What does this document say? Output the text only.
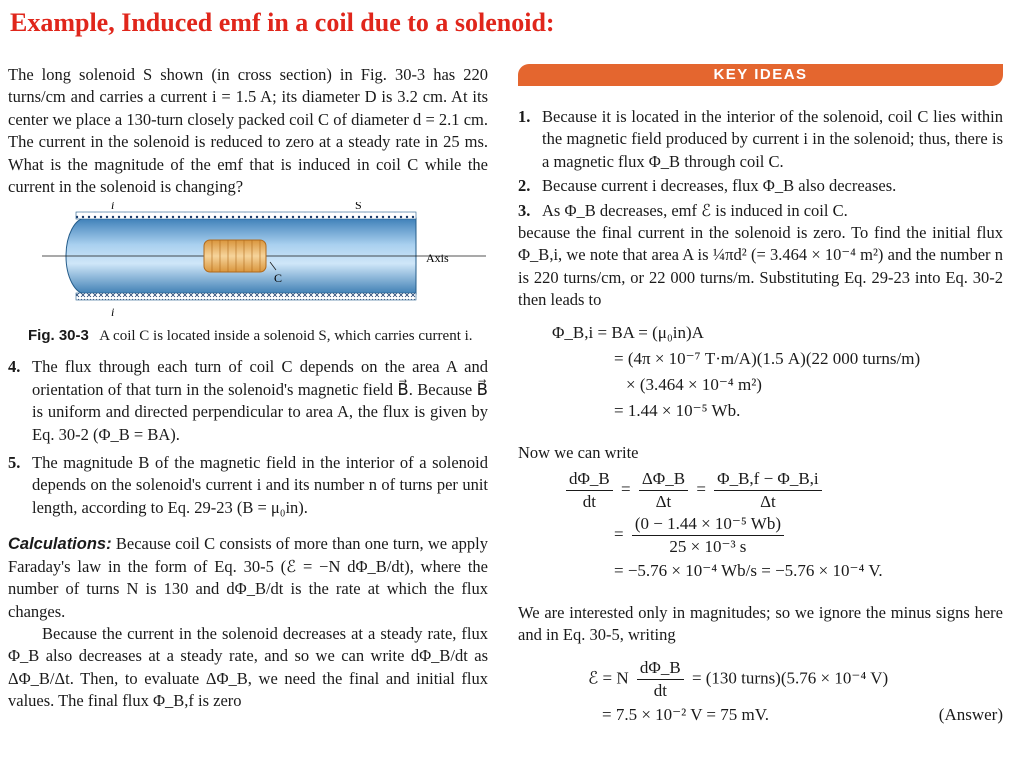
Example, Induced emf in a coil due to a solenoid:

The long solenoid S shown (in cross section) in Fig. 30-3 has 220 turns/cm and carries a current i = 1.5 A; its diameter D is 3.2 cm. At its center we place a 130-turn closely packed coil C of diameter d = 2.1 cm. The current in the solenoid is reduced to zero at a steady rate in 25 ms. What is the magnitude of the emf that is induced in coil C while the current in the solenoid is changing?

i	S
Axis
C
i
Fig. 30-3 A coil C is located inside a solenoid S, which carries current i.
4. The flux through each turn of coil C depends on the area A and orientation of that turn in the solenoid's magnetic field B⃗. Because B⃗ is uniform and directed perpendicular to area A, the flux is given by Eq. 30-2 (Φ_B = BA).
5. The magnitude B of the magnetic field in the interior of a solenoid depends on the solenoid's current i and its number n of turns per unit length, according to Eq. 29-23 (B = μ₀in).

Calculations: Because coil C consists of more than one turn, we apply Faraday's law in the form of Eq. 30-5 (ℰ = −N dΦ_B/dt), where the number of turns N is 130 and dΦ_B/dt is the rate at which the flux changes.

Because the current in the solenoid decreases at a steady rate, flux Φ_B also decreases at a steady rate, and so we can write dΦ_B/dt as ΔΦ_B/Δt. Then, to evaluate ΔΦ_B, we need the final and initial flux values. The final flux Φ_B,f is zero

KEY IDEAS
1. Because it is located in the interior of the solenoid, coil C lies within the magnetic field produced by current i in the solenoid; thus, there is a magnetic flux Φ_B through coil C.
2. Because current i decreases, flux Φ_B also decreases.
3. As Φ_B decreases, emf ℰ is induced in coil C.

because the final current in the solenoid is zero. To find the initial flux Φ_B,i, we note that area A is ¼πd² (= 3.464 × 10⁻⁴ m²) and the number n is 220 turns/cm, or 22 000 turns/m. Substituting Eq. 29-23 into Eq. 30-2 then leads to

Φ_B,i = BA = (μ₀in)A
= (4π × 10⁻⁷ T·m/A)(1.5 A)(22 000 turns/m)
× (3.464 × 10⁻⁴ m²)
= 1.44 × 10⁻⁵ Wb.

Now we can write

$\frac{d\Phi\_B}{dt} = \frac{\Delta\Phi\_B}{\Delta t} = \frac{\Phi\_B,f - \Phi\_B,i}{\Delta t}$
= $\frac{\text{(0 − 1.44 × 10⁻⁵ Wb)}}{\text{25 × 10⁻³ s}}$
= −5.76 × 10⁻⁴ Wb/s = −5.76 × 10⁻⁴ V.

We are interested only in magnitudes; so we ignore the minus signs here and in Eq. 30-5, writing

ℰ = N $\frac{d\Phi\_B}{dt} = (130$ turns)(5.76 × 10⁻⁴ V)
= 7.5 × 10⁻² V = 75 mV.	(Answer)
